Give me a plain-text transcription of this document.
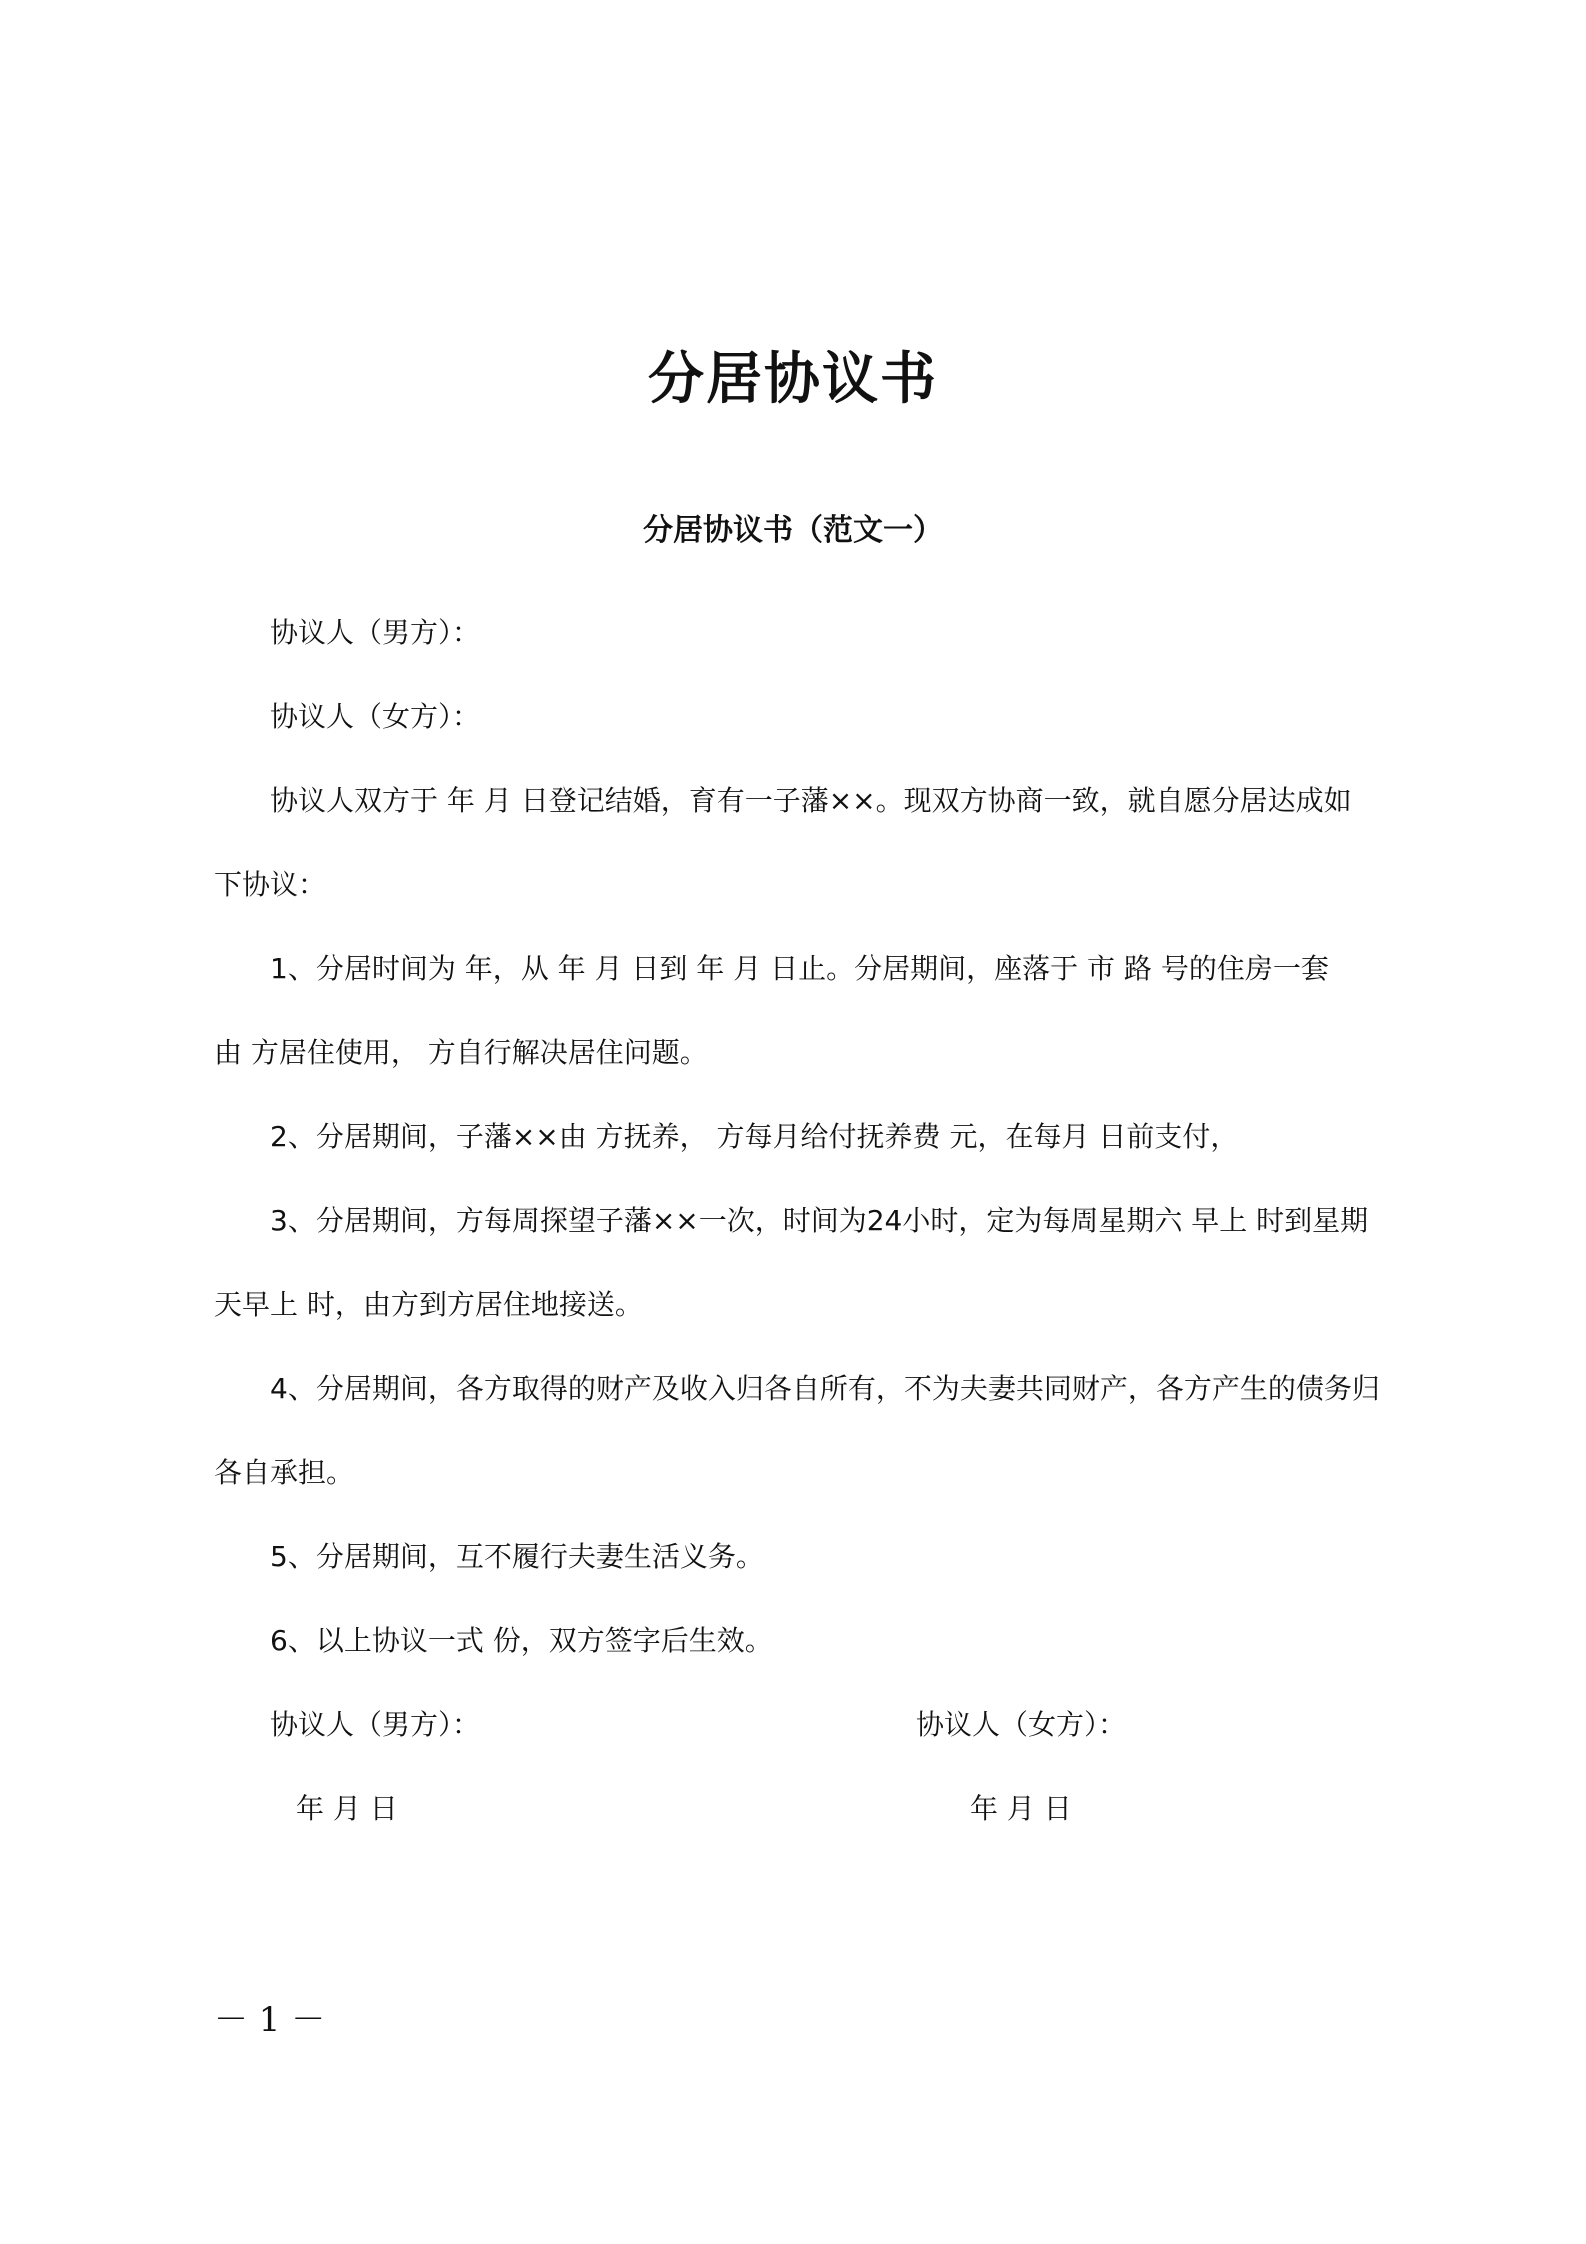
分居协议书
分居协议书（范文一）

协议人（男方）：

协议人（女方）：

协议人双方于 年 月 日登记结婚，育有一子藩××。现双方协商一致，就自愿分居达成如

下协议：

1、分居时间为 年，从 年 月 日到 年 月 日止。分居期间，座落于 市 路 号的住房一套

由 方居住使用， 方自行解决居住问题。

2、分居期间，子藩××由 方抚养， 方每月给付抚养费 元，在每月 日前支付，

3、分居期间，方每周探望子藩××一次，时间为24小时，定为每周星期六 早上 时到星期

天早上 时，由方到方居住地接送。

4、分居期间，各方取得的财产及收入归各自所有，不为夫妻共同财产，各方产生的债务归

各自承担。

5、分居期间，互不履行夫妻生活义务。

6、以上协议一式 份，双方签字后生效。

协议人（男方）：	协议人（女方）：

年 月 日	年 月 日

－ 1 －
